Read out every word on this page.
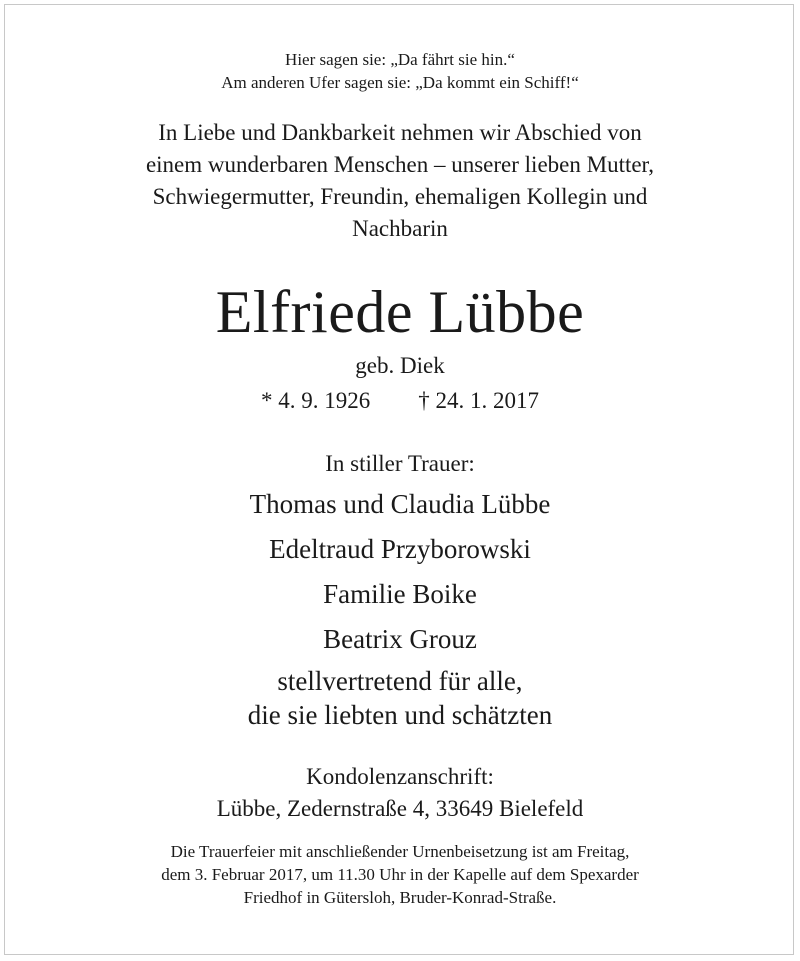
Hier sagen sie: „Da fährt sie hin.“
Am anderen Ufer sagen sie: „Da kommt ein Schiff!“
In Liebe und Dankbarkeit nehmen wir Abschied von
einem wunderbaren Menschen – unserer lieben Mutter,
Schwiegermutter, Freundin, ehemaligen Kollegin und
Nachbarin
Elfriede Lübbe
geb. Diek
* 4. 9. 1926 † 24. 1. 2017
In stiller Trauer:
Thomas und Claudia Lübbe
Edeltraud Przyborowski
Familie Boike
Beatrix Grouz
stellvertretend für alle,
die sie liebten und schätzten
Kondolenzanschrift:
Lübbe, Zedernstraße 4, 33649 Bielefeld
Die Trauerfeier mit anschließender Urnenbeisetzung ist am Freitag,
dem 3. Februar 2017, um 11.30 Uhr in der Kapelle auf dem Spexarder
Friedhof in Gütersloh, Bruder-Konrad-Straße.
